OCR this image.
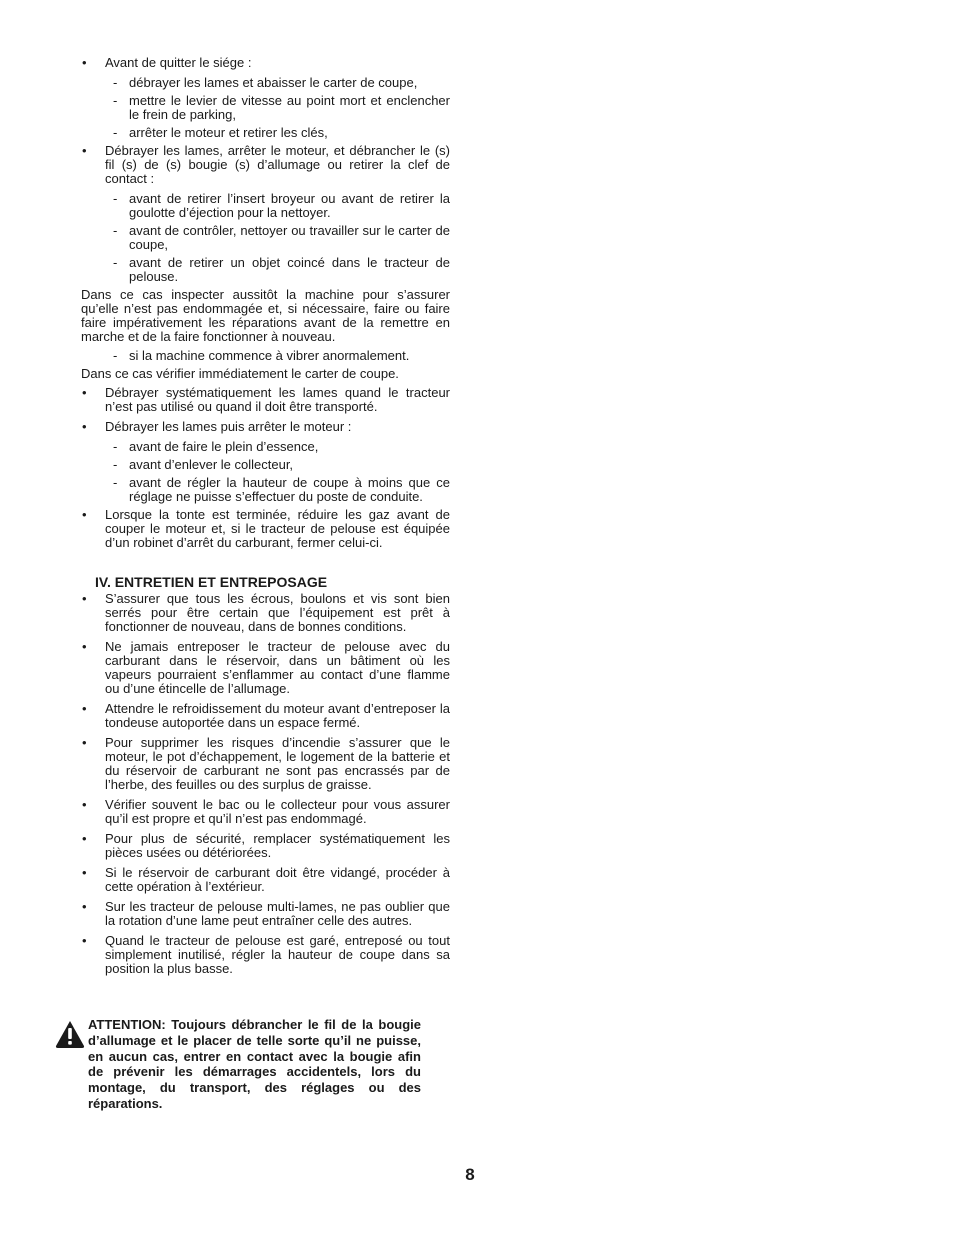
• Avant de quitter le siége :
- débrayer les lames et abaisser le carter de coupe,
- mettre le levier de vitesse au point mort et enclencher le frein de parking,
- arrêter le moteur et retirer les clés,
• Débrayer les lames, arrêter le moteur, et débrancher le (s) fil (s) de (s) bougie (s) d’allumage ou retirer la clef de contact :
- avant de retirer l’insert broyeur ou avant de retirer la goulotte d’éjection pour la nettoyer.
- avant de contrôler, nettoyer ou travailler sur le carter de coupe,
- avant de retirer un objet coincé dans le tracteur de pelouse.
Dans ce cas inspecter aussitôt la machine pour s’assurer qu’elle n’est pas endommagée et, si nécessaire, faire ou faire faire impérativement les réparations avant de la remettre en marche et de la faire fonctionner à nouveau.
- si la machine commence à vibrer anormalement.
Dans ce cas vérifier immédiatement le carter de coupe.
• Débrayer systématiquement les lames quand le tracteur n’est pas utilisé ou quand il doit être transporté.
• Débrayer les lames puis arrêter le moteur :
- avant de faire le plein d’essence,
- avant d’enlever le collecteur,
- avant de régler la hauteur de coupe à moins que ce réglage ne puisse s’effectuer du poste de conduite.
• Lorsque la tonte est terminée, réduire les gaz avant de couper le moteur et, si le tracteur de pelouse est équipée d’un robinet d’arrêt du carburant, fermer celui-ci.
IV. ENTRETIEN ET ENTREPOSAGE
• S’assurer que tous les écrous, boulons et vis sont bien serrés pour être certain que l’équipement est prêt à fonctionner de nouveau, dans de bonnes conditions.
• Ne jamais entreposer le tracteur de pelouse avec du carburant dans le réservoir, dans un bâtiment où les vapeurs pourraient s’enflammer au contact d’une flamme ou d’une étincelle de l’allumage.
• Attendre le refroidissement du moteur avant d’entreposer la tondeuse autoportée dans un espace fermé.
• Pour supprimer les risques d’incendie s’assurer que le moteur, le pot d’échappement, le logement de la batterie et du réservoir de carburant ne sont pas encrassés par de l’herbe, des feuilles ou des surplus de graisse.
• Vérifier souvent le bac ou le collecteur pour vous assurer qu’il est propre et qu’il n’est pas endommagé.
• Pour plus de sécurité, remplacer systématiquement les pièces usées ou détériorées.
• Si le réservoir de carburant doit être vidangé, procéder à cette opération à l’extérieur.
• Sur les tracteur de pelouse multi-lames, ne pas oublier que la rotation d’une lame peut entraîner celle des autres.
• Quand le tracteur de pelouse est garé, entreposé ou tout simplement inutilisé, régler la hauteur de coupe dans sa position la plus basse.
ATTENTION: Toujours débrancher le fil de la bougie d’allumage et le placer de telle sorte qu’il ne puisse, en aucun cas, entrer en contact avec la bougie afin de prévenir les démarrages accidentels, lors du montage, du transport, des réglages ou des réparations.
8
